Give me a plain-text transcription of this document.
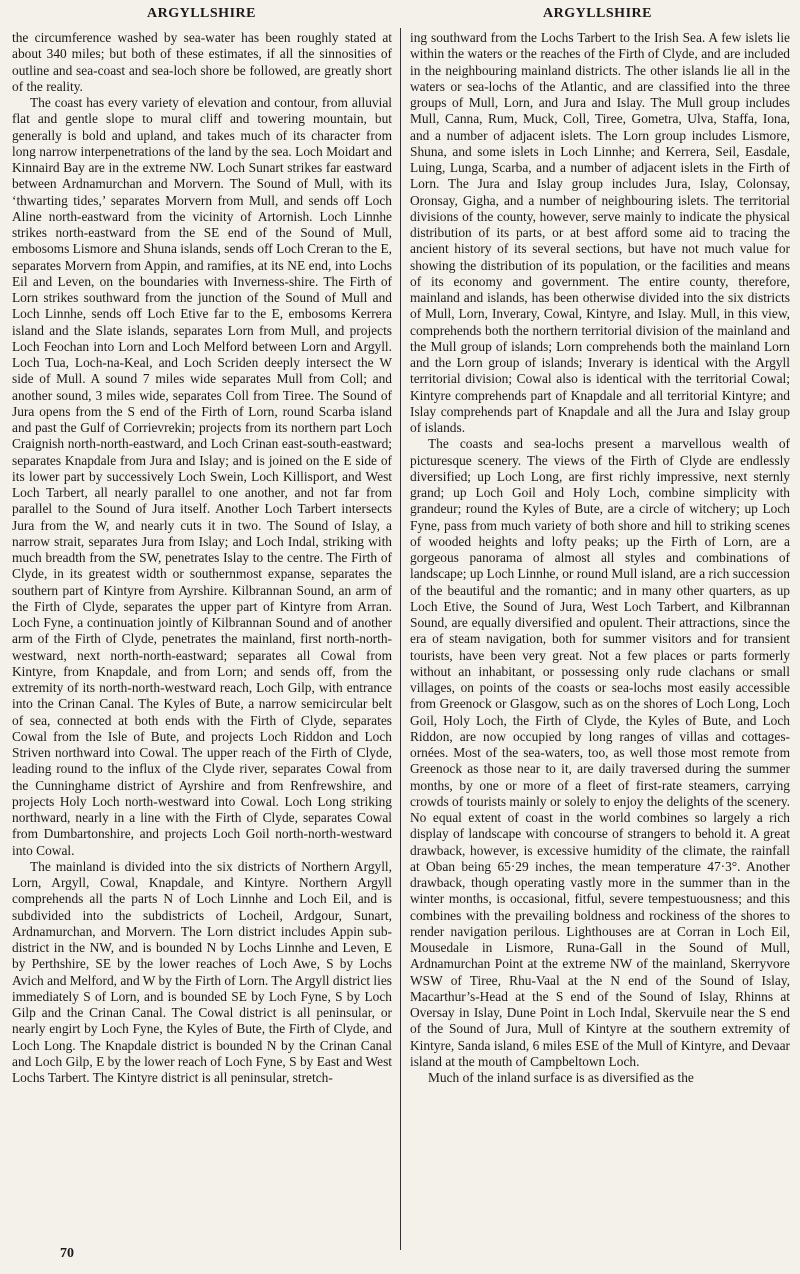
ARGYLLSHIRE	ARGYLLSHIRE

the circumference washed by sea-water has been roughly stated at about 340 miles; but both of these estimates, if all the sinnosities of outline and sea-coast and sea-loch shore be followed, are greatly short of the reality.

The coast has every variety of elevation and contour, from alluvial flat and gentle slope to mural cliff and towering mountain, but generally is bold and upland, and takes much of its character from long narrow interpenetrations of the land by the sea. Loch Moidart and Kinnaird Bay are in the extreme NW. Loch Sunart strikes far eastward between Ardnamurchan and Morvern. The Sound of Mull, with its ‘thwarting tides,’ separates Morvern from Mull, and sends off Loch Aline north-eastward from the vicinity of Artornish. Loch Linnhe strikes north-eastward from the SE end of the Sound of Mull, embosoms Lismore and Shuna islands, sends off Loch Creran to the E, separates Morvern from Appin, and ramifies, at its NE end, into Lochs Eil and Leven, on the boundaries with Inverness-shire. The Firth of Lorn strikes southward from the junction of the Sound of Mull and Loch Linnhe, sends off Loch Etive far to the E, embosoms Kerrera island and the Slate islands, separates Lorn from Mull, and projects Loch Feochan into Lorn and Loch Melford between Lorn and Argyll. Loch Tua, Loch-na-Keal, and Loch Scriden deeply intersect the W side of Mull. A sound 7 miles wide separates Mull from Coll; and another sound, 3 miles wide, separates Coll from Tiree. The Sound of Jura opens from the S end of the Firth of Lorn, round Scarba island and past the Gulf of Corrievrekin; projects from its northern part Loch Craignish north-north-eastward, and Loch Crinan east-south-eastward; separates Knapdale from Jura and Islay; and is joined on the E side of its lower part by successively Loch Swein, Loch Killisport, and West Loch Tarbert, all nearly parallel to one another, and not far from parallel to the Sound of Jura itself. Another Loch Tarbert intersects Jura from the W, and nearly cuts it in two. The Sound of Islay, a narrow strait, separates Jura from Islay; and Loch Indal, striking with much breadth from the SW, penetrates Islay to the centre. The Firth of Clyde, in its greatest width or southernmost expanse, separates the southern part of Kintyre from Ayrshire. Kilbrannan Sound, an arm of the Firth of Clyde, separates the upper part of Kintyre from Arran. Loch Fyne, a continuation jointly of Kilbrannan Sound and of another arm of the Firth of Clyde, penetrates the mainland, first north-north-westward, next north-north-eastward; separates all Cowal from Kintyre, from Knapdale, and from Lorn; and sends off, from the extremity of its north-north-westward reach, Loch Gilp, with entrance into the Crinan Canal. The Kyles of Bute, a narrow semicircular belt of sea, connected at both ends with the Firth of Clyde, separates Cowal from the Isle of Bute, and projects Loch Riddon and Loch Striven northward into Cowal. The upper reach of the Firth of Clyde, leading round to the influx of the Clyde river, separates Cowal from the Cunninghame district of Ayrshire and from Renfrewshire, and projects Holy Loch north-westward into Cowal. Loch Long striking northward, nearly in a line with the Firth of Clyde, separates Cowal from Dumbartonshire, and projects Loch Goil north-north-westward into Cowal.

The mainland is divided into the six districts of Northern Argyll, Lorn, Argyll, Cowal, Knapdale, and Kintyre. Northern Argyll comprehends all the parts N of Loch Linnhe and Loch Eil, and is subdivided into the subdistricts of Locheil, Ardgour, Sunart, Ardnamurchan, and Morvern. The Lorn district includes Appin sub-district in the NW, and is bounded N by Lochs Linnhe and Leven, E by Perthshire, SE by the lower reaches of Loch Awe, S by Lochs Avich and Melford, and W by the Firth of Lorn. The Argyll district lies immediately S of Lorn, and is bounded SE by Loch Fyne, S by Loch Gilp and the Crinan Canal. The Cowal district is all peninsular, or nearly engirt by Loch Fyne, the Kyles of Bute, the Firth of Clyde, and Loch Long. The Knapdale district is bounded N by the Crinan Canal and Loch Gilp, E by the lower reach of Loch Fyne, S by East and West Lochs Tarbert. The Kintyre district is all peninsular, stretch-

ing southward from the Lochs Tarbert to the Irish Sea. A few islets lie within the waters or the reaches of the Firth of Clyde, and are included in the neighbouring mainland districts. The other islands lie all in the waters or sea-lochs of the Atlantic, and are classified into the three groups of Mull, Lorn, and Jura and Islay. The Mull group includes Mull, Canna, Rum, Muck, Coll, Tiree, Gometra, Ulva, Staffa, Iona, and a number of adjacent islets. The Lorn group includes Lismore, Shuna, and some islets in Loch Linnhe; and Kerrera, Seil, Easdale, Luing, Lunga, Scarba, and a number of adjacent islets in the Firth of Lorn. The Jura and Islay group includes Jura, Islay, Colonsay, Oronsay, Gigha, and a number of neighbouring islets. The territorial divisions of the county, however, serve mainly to indicate the physical distribution of its parts, or at best afford some aid to tracing the ancient history of its several sections, but have not much value for showing the distribution of its population, or the facilities and means of its economy and government. The entire county, therefore, mainland and islands, has been otherwise divided into the six districts of Mull, Lorn, Inverary, Cowal, Kintyre, and Islay. Mull, in this view, comprehends both the northern territorial division of the mainland and the Mull group of islands; Lorn comprehends both the mainland Lorn and the Lorn group of islands; Inverary is identical with the Argyll territorial division; Cowal also is identical with the territorial Cowal; Kintyre comprehends part of Knapdale and all territorial Kintyre; and Islay comprehends part of Knapdale and all the Jura and Islay group of islands.

The coasts and sea-lochs present a marvellous wealth of picturesque scenery. The views of the Firth of Clyde are endlessly diversified; up Loch Long, are first richly impressive, next sternly grand; up Loch Goil and Holy Loch, combine simplicity with grandeur; round the Kyles of Bute, are a circle of witchery; up Loch Fyne, pass from much variety of both shore and hill to striking scenes of wooded heights and lofty peaks; up the Firth of Lorn, are a gorgeous panorama of almost all styles and combinations of landscape; up Loch Linnhe, or round Mull island, are a rich succession of the beautiful and the romantic; and in many other quarters, as up Loch Etive, the Sound of Jura, West Loch Tarbert, and Kilbrannan Sound, are equally diversified and opulent. Their attractions, since the era of steam navigation, both for summer visitors and for transient tourists, have been very great. Not a few places or parts formerly without an inhabitant, or possessing only rude clachans or small villages, on points of the coasts or sea-lochs most easily accessible from Greenock or Glasgow, such as on the shores of Loch Long, Loch Goil, Holy Loch, the Firth of Clyde, the Kyles of Bute, and Loch Riddon, are now occupied by long ranges of villas and cottages-ornées. Most of the sea-waters, too, as well those most remote from Greenock as those near to it, are daily traversed during the summer months, by one or more of a fleet of first-rate steamers, carrying crowds of tourists mainly or solely to enjoy the delights of the scenery. No equal extent of coast in the world combines so largely a rich display of landscape with concourse of strangers to behold it. A great drawback, however, is excessive humidity of the climate, the rainfall at Oban being 65·29 inches, the mean temperature 47·3°. Another drawback, though operating vastly more in the summer than in the winter months, is occasional, fitful, severe tempestuousness; and this combines with the prevailing boldness and rockiness of the shores to render navigation perilous. Lighthouses are at Corran in Loch Eil, Mousedale in Lismore, Runa-Gall in the Sound of Mull, Ardnamurchan Point at the extreme NW of the mainland, Skerryvore WSW of Tiree, Rhu-Vaal at the N end of the Sound of Islay, Macarthur’s-Head at the S end of the Sound of Islay, Rhinns at Oversay in Islay, Dune Point in Loch Indal, Skervuile near the S end of the Sound of Jura, Mull of Kintyre at the southern extremity of Kintyre, Sanda island, 6 miles ESE of the Mull of Kintyre, and Devaar island at the mouth of Campbeltown Loch.

Much of the inland surface is as diversified as the

70
